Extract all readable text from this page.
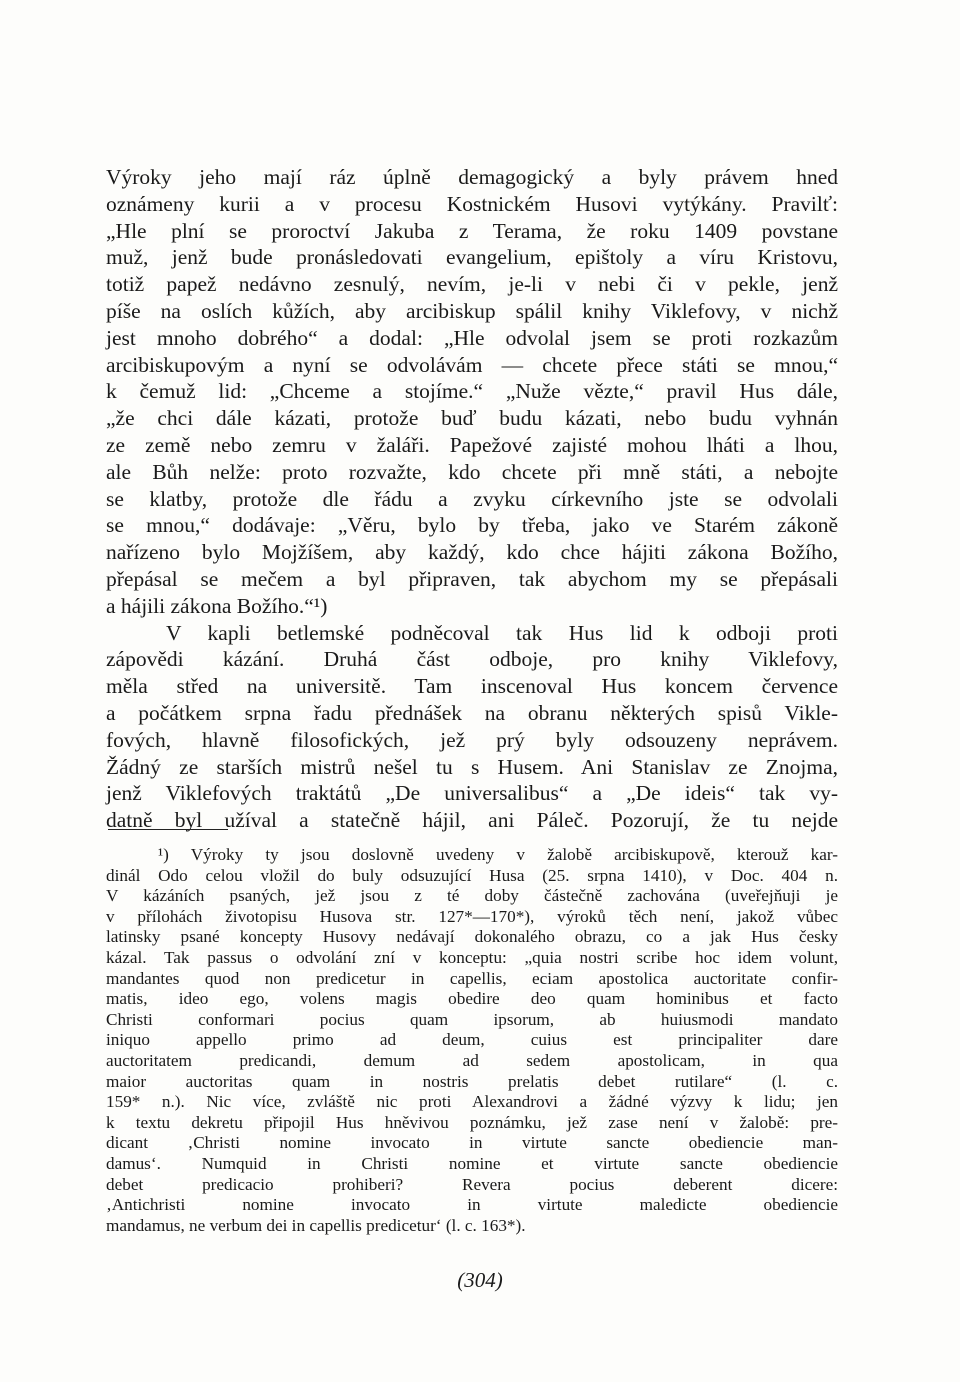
Výroky jeho mají ráz úplně demagogický a byly právem hned
oznámeny kurii a v procesu Kostnickém Husovi vytýkány. Pravilť:
„Hle plní se proroctví Jakuba z Terama, že roku 1409 povstane
muž, jenž bude pronásledovati evangelium, epištoly a víru Kristovu,
totiž papež nedávno zesnulý, nevím, je-li v nebi či v pekle, jenž
píše na oslích kůžích, aby arcibiskup spálil knihy Viklefovy, v nichž
jest mnoho dobrého“ a dodal: „Hle odvolal jsem se proti rozkazům
arcibiskupovým a nyní se odvolávám — chcete přece státi se mnou,“
k čemuž lid: „Chceme a stojíme.“ „Nuže vězte,“ pravil Hus dále,
„že chci dále kázati, protože buď budu kázati, nebo budu vyhnán
ze země nebo zemru v žaláři. Papežové zajisté mohou lháti a lhou,
ale Bůh nelže: proto rozvažte, kdo chcete při mně státi, a nebojte
se klatby, protože dle řádu a zvyku církevního jste se odvolali
se mnou,“ dodávaje: „Věru, bylo by třeba, jako ve Starém zákoně
nařízeno bylo Mojžíšem, aby každý, kdo chce hájiti zákona Božího,
přepásal se mečem a byl připraven, tak abychom my se přepásali
a hájili zákona Božího.“¹)
V kapli betlemské podněcoval tak Hus lid k odboji proti
zápovědi kázání. Druhá část odboje, pro knihy Viklefovy,
měla střed na universitě. Tam inscenoval Hus koncem července
a počátkem srpna řadu přednášek na obranu některých spisů Vikle-
fových, hlavně filosofických, jež prý byly odsouzeny neprávem.
Žádný ze starších mistrů nešel tu s Husem. Ani Stanislav ze Znojma,
jenž Viklefových traktátů „De universalibus“ a „De ideis“ tak vy-
datně byl užíval a statečně hájil, ani Páleč. Pozorují, že tu nejde
¹) Výroky ty jsou doslovně uvedeny v žalobě arcibiskupově, kterouž kar-
dinál Odo celou vložil do buly odsuzující Husa (25. srpna 1410), v Doc. 404 n.
V kázáních psaných, jež jsou z té doby částečně zachována (uveřejňuji je
v přílohách životopisu Husova str. 127*—170*), výroků těch není, jakož vůbec
latinsky psané koncepty Husovy nedávají dokonalého obrazu, co a jak Hus česky
kázal. Tak passus o odvolání zní v konceptu: „quia nostri scribe hoc idem volunt,
mandantes quod non predicetur in capellis, eciam apostolica auctoritate confir-
matis, ideo ego, volens magis obedire deo quam hominibus et facto
Christi conformari pocius quam ipsorum, ab huiusmodi mandato
iniquo appello primo ad deum, cuius est principaliter dare
auctoritatem predicandi, demum ad sedem apostolicam, in qua
maior auctoritas quam in nostris prelatis debet rutilare“ (l. c.
159* n.). Nic více, zvláště nic proti Alexandrovi a žádné výzvy k lidu; jen
k textu dekretu připojil Hus hněvivou poznámku, jež zase není v žalobě: pre-
dicant ‚Christi nomine invocato in virtute sancte obediencie man-
damus‘. Numquid in Christi nomine et virtute sancte obediencie
debet predicacio prohiberi? Revera pocius deberent dicere:
‚Antichristi nomine invocato in virtute maledicte obediencie
mandamus, ne verbum dei in capellis predicetur‘ (l. c. 163*).
(304)
